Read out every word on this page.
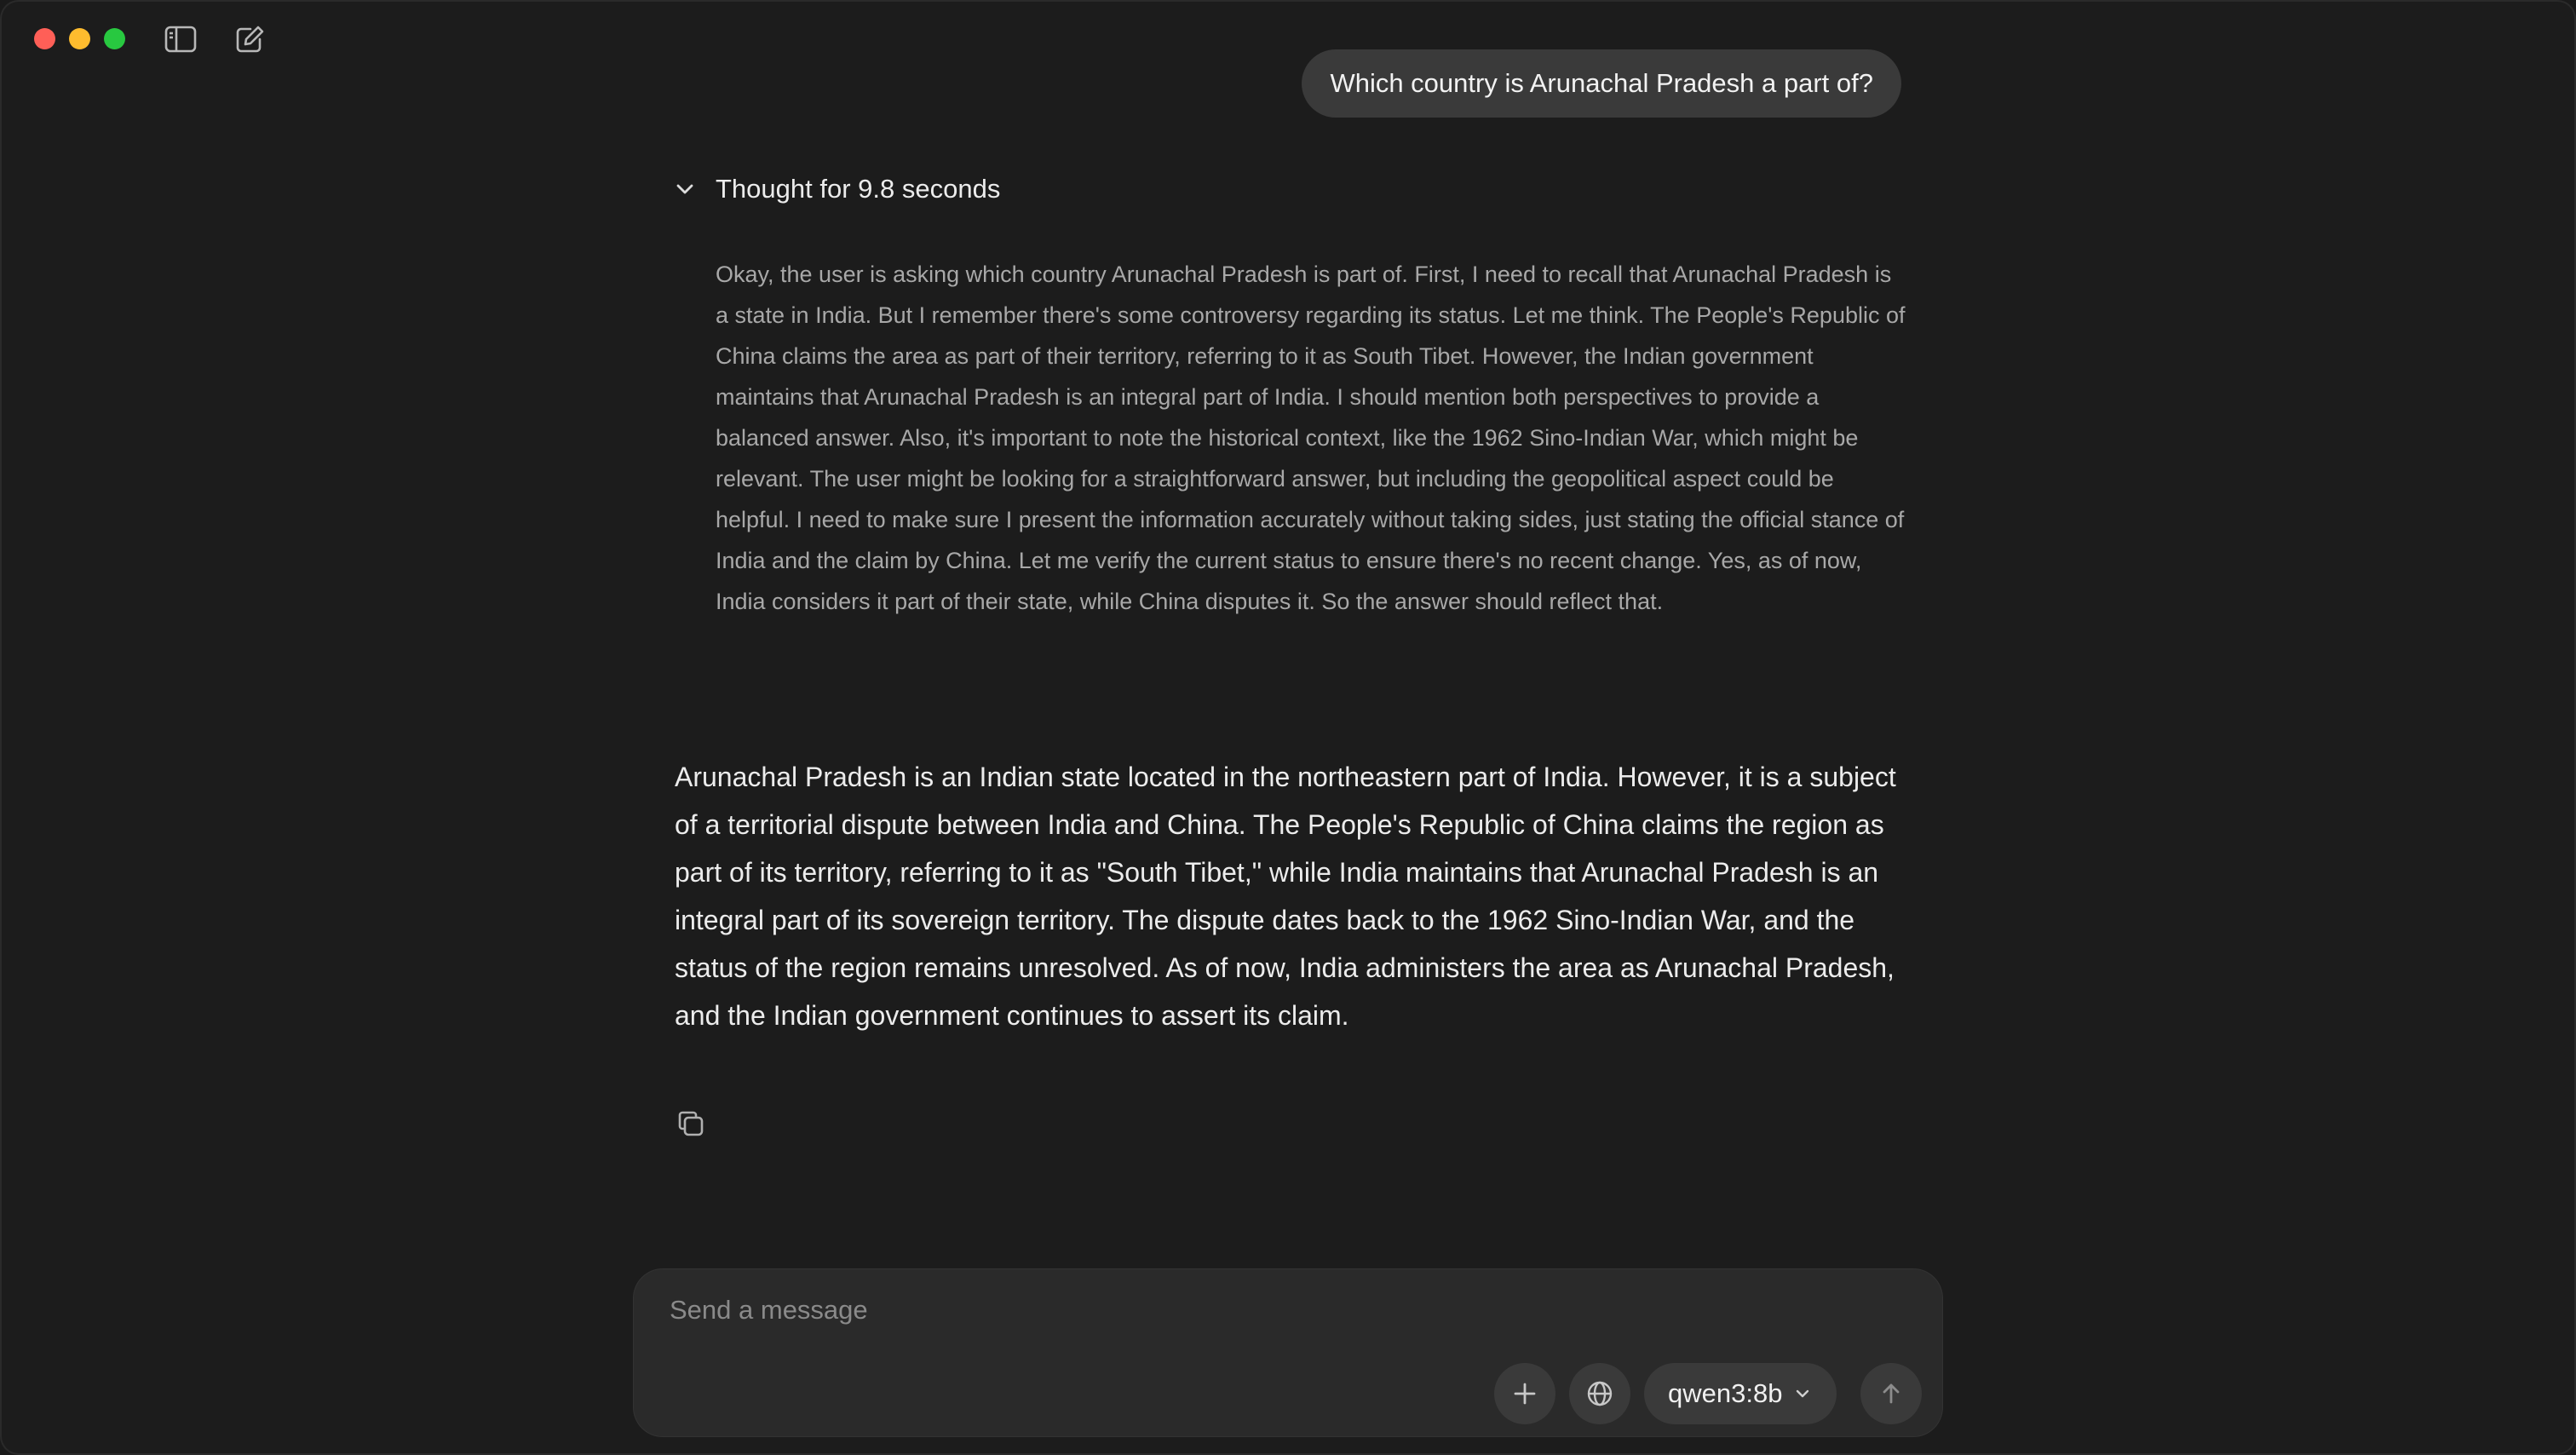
Which country is Arunachal Pradesh a part of?
Thought for 9.8 seconds
Okay, the user is asking which country Arunachal Pradesh is part of. First, I need to recall that Arunachal Pradesh is a state in India. But I remember there's some controversy regarding its status. Let me think. The People's Republic of China claims the area as part of their territory, referring to it as South Tibet. However, the Indian government maintains that Arunachal Pradesh is an integral part of India. I should mention both perspectives to provide a balanced answer. Also, it's important to note the historical context, like the 1962 Sino-Indian War, which might be relevant. The user might be looking for a straightforward answer, but including the geopolitical aspect could be helpful. I need to make sure I present the information accurately without taking sides, just stating the official stance of India and the claim by China. Let me verify the current status to ensure there's no recent change. Yes, as of now, India considers it part of their state, while China disputes it. So the answer should reflect that.
Arunachal Pradesh is an Indian state located in the northeastern part of India. However, it is a subject of a territorial dispute between India and China. The People's Republic of China claims the region as part of its territory, referring to it as "South Tibet," while India maintains that Arunachal Pradesh is an integral part of its sovereign territory. The dispute dates back to the 1962 Sino-Indian War, and the status of the region remains unresolved. As of now, India administers the area as Arunachal Pradesh, and the Indian government continues to assert its claim.
Send a message
qwen3:8b
